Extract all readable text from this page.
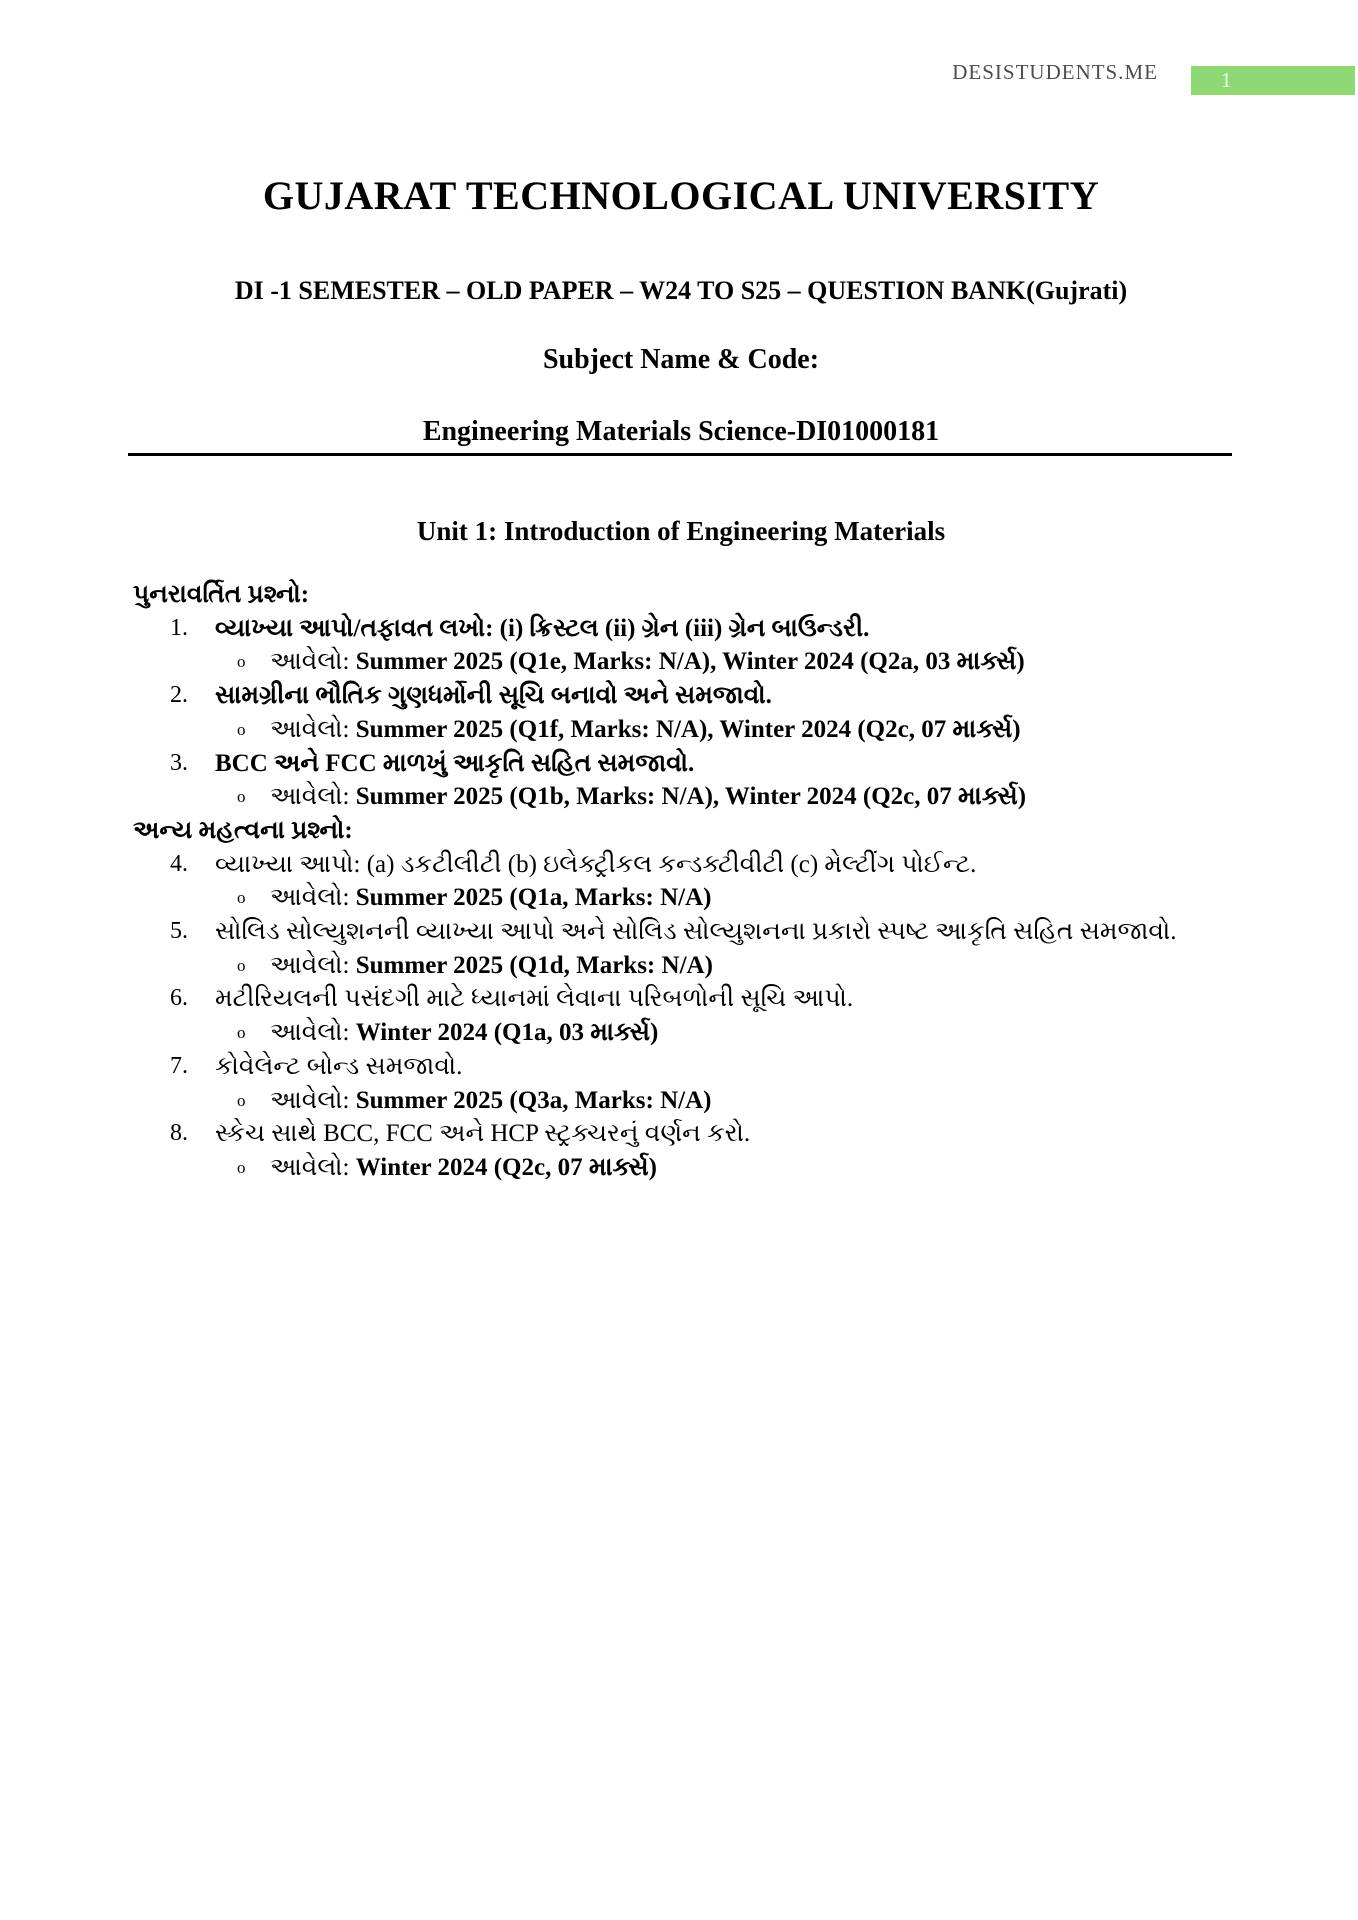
DESISTUDENTS.ME	1
GUJARAT TECHNOLOGICAL UNIVERSITY
DI -1 SEMESTER – OLD PAPER – W24 TO S25 – QUESTION BANK(Gujrati)
Subject Name & Code:
Engineering Materials Science-DI01000181
Unit 1: Introduction of Engineering Materials
પુનરાવર્તિત પ્રશ્નો:
1.	વ્યાખ્યા આપો/તફાવત લખો: (i) ક્રિસ્ટલ (ii) ગ્રેન (iii) ગ્રેન બાઉન્ડરી.
o આવેલો: Summer 2025 (Q1e, Marks: N/A), Winter 2024 (Q2a, 03 માર્ક્સ)
2.	સામગ્રીના ભૌતિક ગુણધર્મોની સૂચિ બનાવો અને સમજાવો.
o આવેલો: Summer 2025 (Q1f, Marks: N/A), Winter 2024 (Q2c, 07 માર્ક્સ)
3.	BCC અને FCC માળખું આકૃતિ સહિત સમજાવો.
o આવેલો: Summer 2025 (Q1b, Marks: N/A), Winter 2024 (Q2c, 07 માર્ક્સ)
અન્ય મહત્વના પ્રશ્નો:
4.	વ્યાખ્યા આપો: (a) ડકટીલીટી (b) ઇલેક્ટ્રીકલ કન્ડક્ટીવીટી (c) મેલ્ટીંગ પોઈન્ટ.
o આવેલો: Summer 2025 (Q1a, Marks: N/A)
5.	સોલિડ સોલ્યુશનની વ્યાખ્યા આપો અને સોલિડ સોલ્યુશનના પ્રકારો સ્પષ્ટ આકૃતિ સહિત સમજાવો.
o આવેલો: Summer 2025 (Q1d, Marks: N/A)
6.	મટીરિયલની પસંદગી માટે ધ્યાનમાં લેવાના પરિબળોની સૂચિ આપો.
o આવેલો: Winter 2024 (Q1a, 03 માર્ક્સ)
7.	કોવેલેન્ટ બોન્ડ સમજાવો.
o આવેલો: Summer 2025 (Q3a, Marks: N/A)
8.	સ્કેચ સાથે BCC, FCC અને HCP સ્ટ્રક્ચરનું વર્ણન કરો.
o આવેલો: Winter 2024 (Q2c, 07 માર્ક્સ)
